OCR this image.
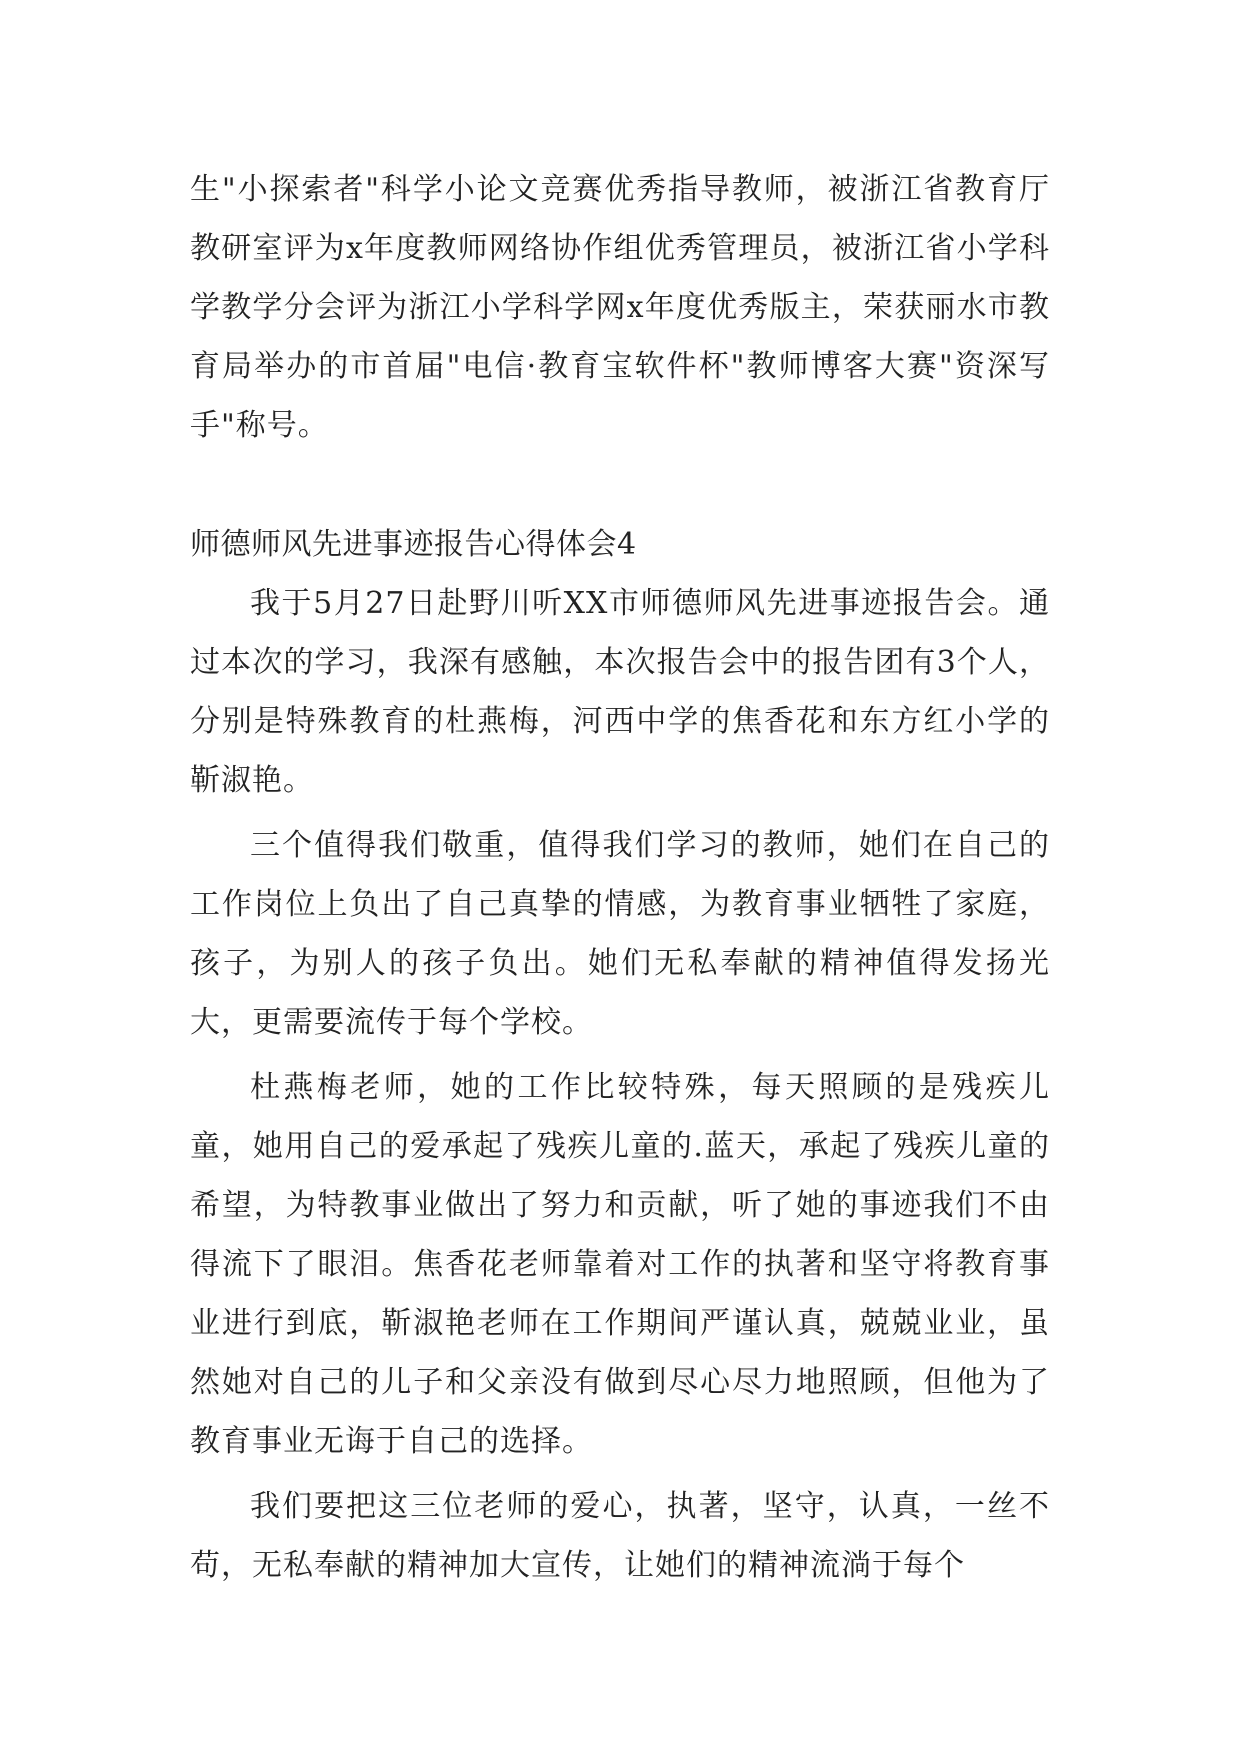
生"小探索者"科学小论文竞赛优秀指导教师，被浙江省教育厅教研室评为x年度教师网络协作组优秀管理员，被浙江省小学科学教学分会评为浙江小学科学网x年度优秀版主，荣获丽水市教育局举办的市首届"电信·教育宝软件杯"教师博客大赛"资深写手"称号。

师德师风先进事迹报告心得体会4

我于5月27日赴野川听XX市师德师风先进事迹报告会。通过本次的学习，我深有感触，本次报告会中的报告团有3个人，分别是特殊教育的杜燕梅，河西中学的焦香花和东方红小学的靳淑艳。

三个值得我们敬重，值得我们学习的教师，她们在自己的工作岗位上负出了自己真挚的情感，为教育事业牺牲了家庭，孩子，为别人的孩子负出。她们无私奉献的精神值得发扬光大，更需要流传于每个学校。

杜燕梅老师，她的工作比较特殊，每天照顾的是残疾儿童，她用自己的爱承起了残疾儿童的.蓝天，承起了残疾儿童的希望，为特教事业做出了努力和贡献，听了她的事迹我们不由得流下了眼泪。焦香花老师靠着对工作的执著和坚守将教育事业进行到底，靳淑艳老师在工作期间严谨认真，兢兢业业，虽然她对自己的儿子和父亲没有做到尽心尽力地照顾，但他为了教育事业无诲于自己的选择。

我们要把这三位老师的爱心，执著，坚守，认真，一丝不苟，无私奉献的精神加大宣传，让她们的精神流淌于每个
